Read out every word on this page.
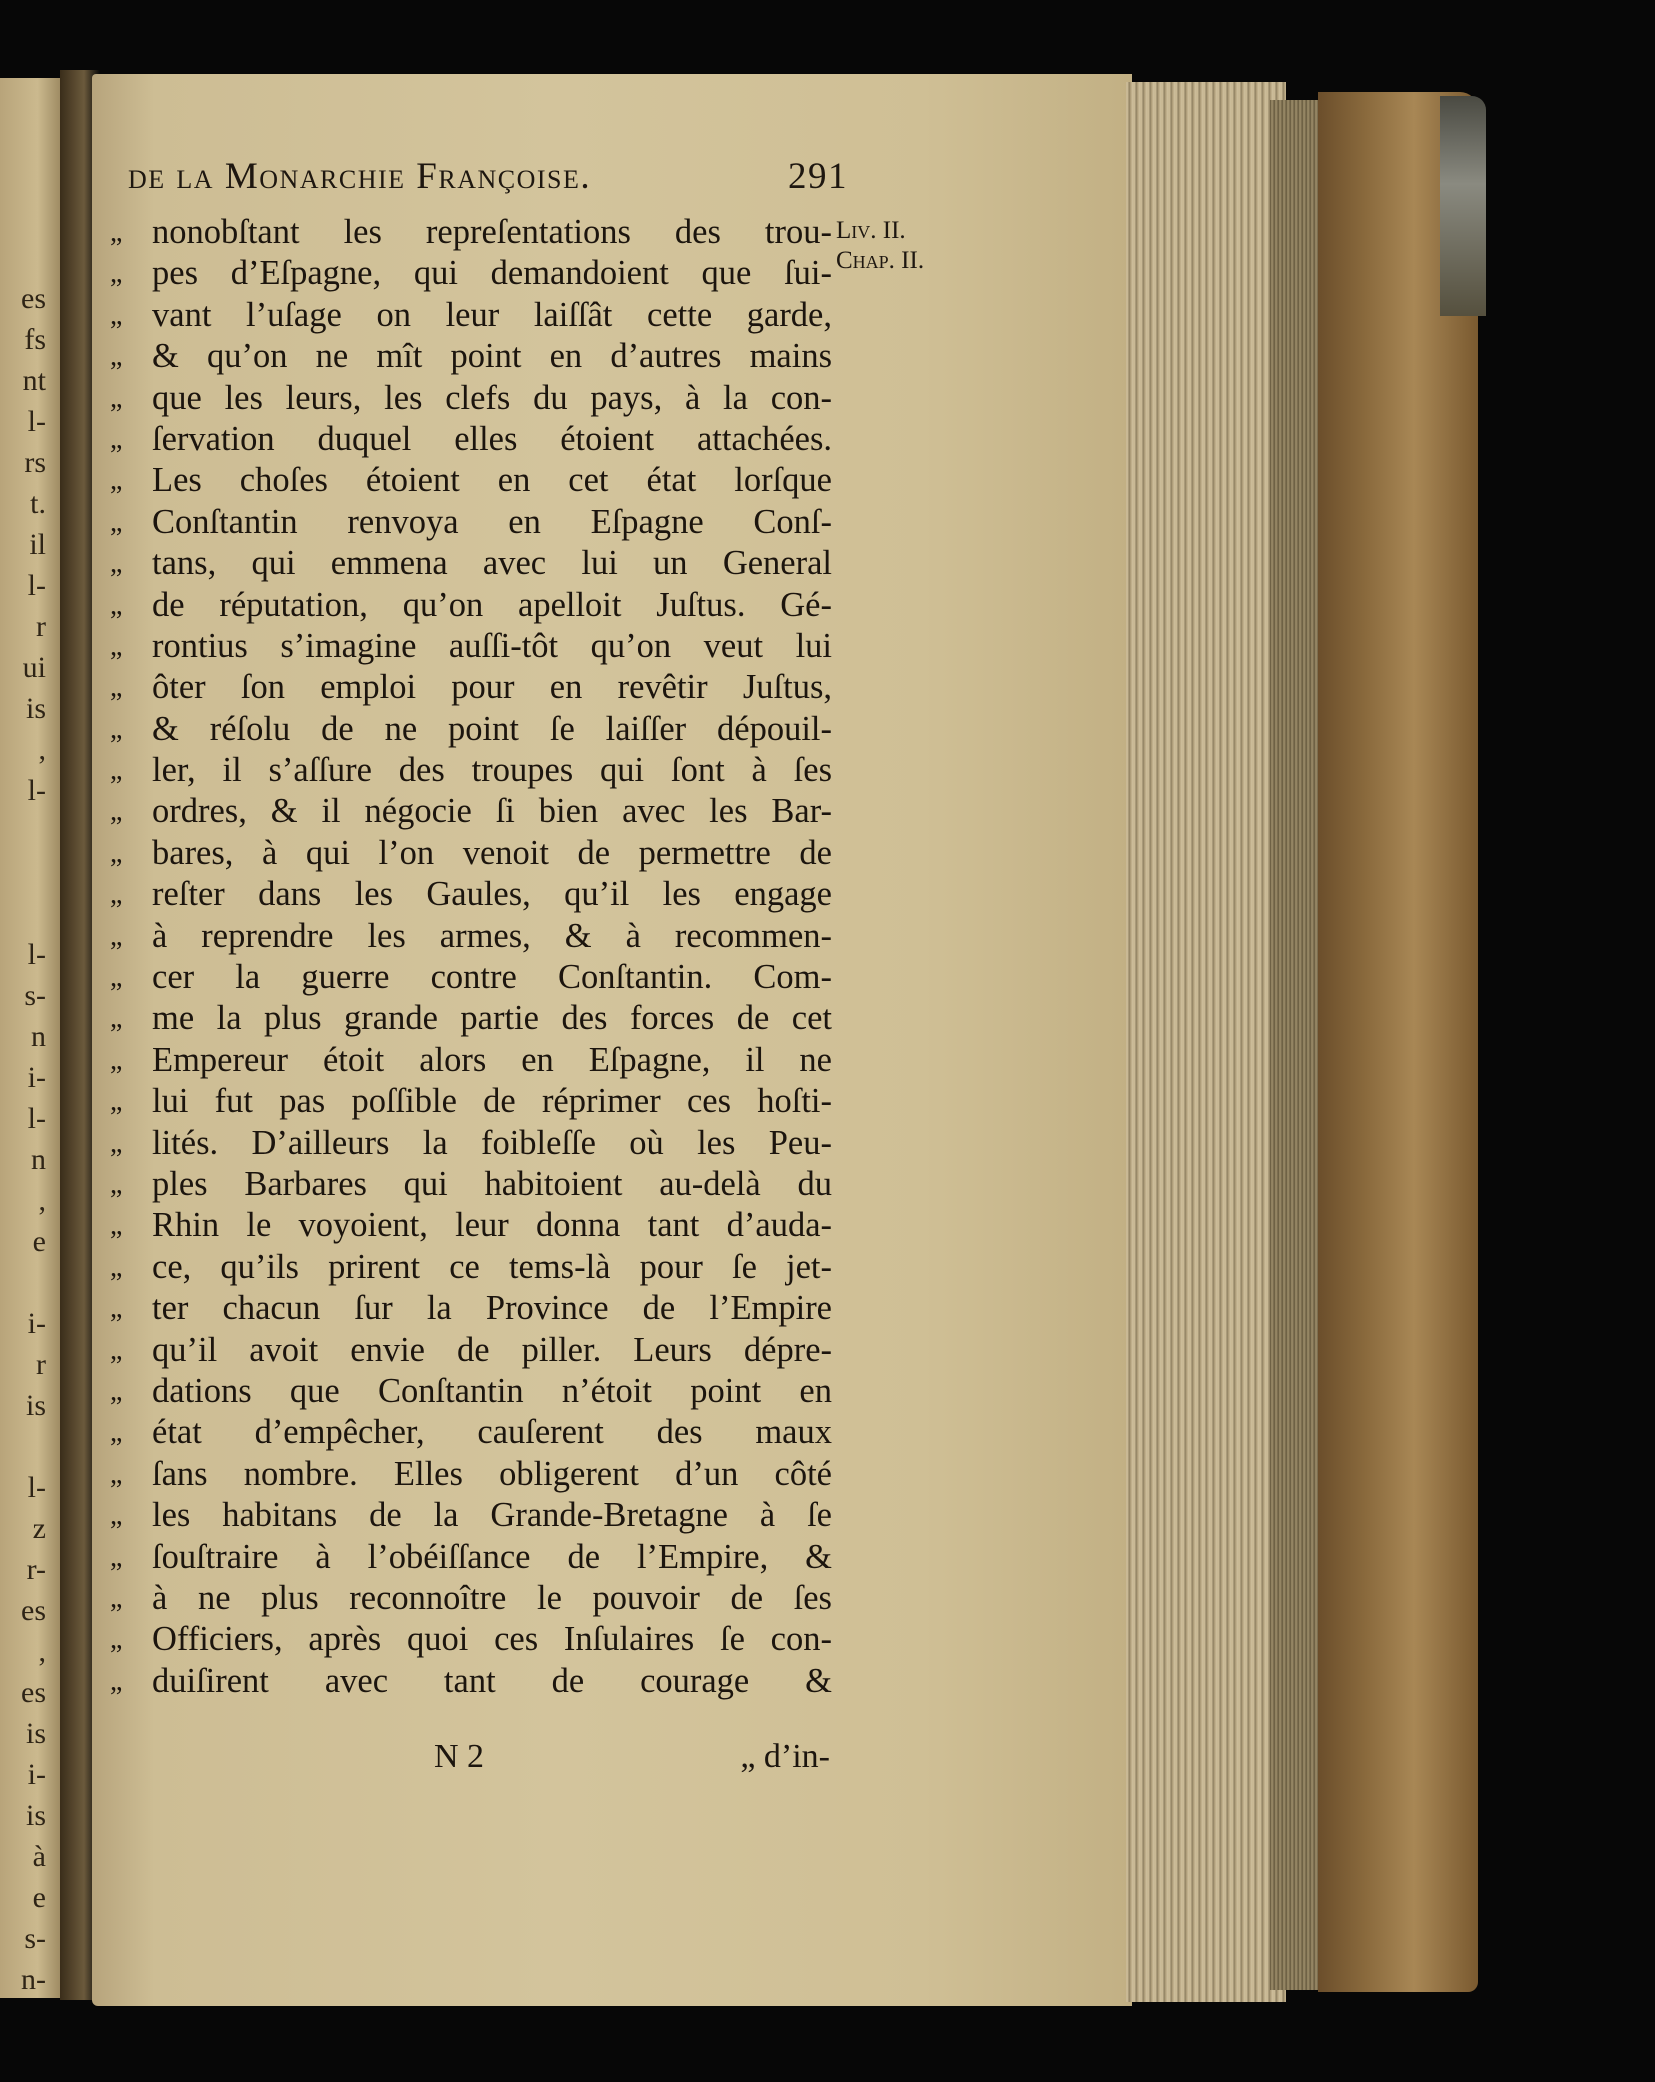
es
fs
nt
l-
rs
t.
il
l-
r
ui
is
,
l-
l-
s-
n
i-
l-
n
,
e
i-
r
is
l-
z
r-
es
,
es
is
i-
is
à
e
s-
n-
de la Monarchie Françoise.	291
Liv. II.
Chap. II.
„ nonobſtant les repreſentations des trou-
„ pes d’Eſpagne, qui demandoient que ſui-
„ vant l’uſage on leur laiſſât cette garde,
„ & qu’on ne mît point en d’autres mains
„ que les leurs, les clefs du pays, à la con-
„ ſervation duquel elles étoient attachées.
„ Les choſes étoient en cet état lorſque
„ Conſtantin renvoya en Eſpagne Conſ-
„ tans, qui emmena avec lui un General
„ de réputation, qu’on apelloit Juſtus. Gé-
„ rontius s’imagine auſſi-tôt qu’on veut lui
„ ôter ſon emploi pour en revêtir Juſtus,
„ & réſolu de ne point ſe laiſſer dépouil-
„ ler, il s’aſſure des troupes qui ſont à ſes
„ ordres, & il négocie ſi bien avec les Bar-
„ bares, à qui l’on venoit de permettre de
„ reſter dans les Gaules, qu’il les engage
„ à reprendre les armes, & à recommen-
„ cer la guerre contre Conſtantin. Com-
„ me la plus grande partie des forces de cet
„ Empereur étoit alors en Eſpagne, il ne
„ lui fut pas poſſible de réprimer ces hoſti-
„ lités. D’ailleurs la foibleſſe où les Peu-
„ ples Barbares qui habitoient au-delà du
„ Rhin le voyoient, leur donna tant d’auda-
„ ce, qu’ils prirent ce tems-là pour ſe jet-
„ ter chacun ſur la Province de l’Empire
„ qu’il avoit envie de piller. Leurs dépre-
„ dations que Conſtantin n’étoit point en
„ état d’empêcher, cauſerent des maux
„ ſans nombre. Elles obligerent d’un côté
„ les habitans de la Grande-Bretagne à ſe
„ ſouſtraire à l’obéiſſance de l’Empire, &
„ à ne plus reconnoître le pouvoir de ſes
„ Officiers, après quoi ces Inſulaires ſe con-
„ duiſirent avec tant de courage &
N 2	„ d’in-
